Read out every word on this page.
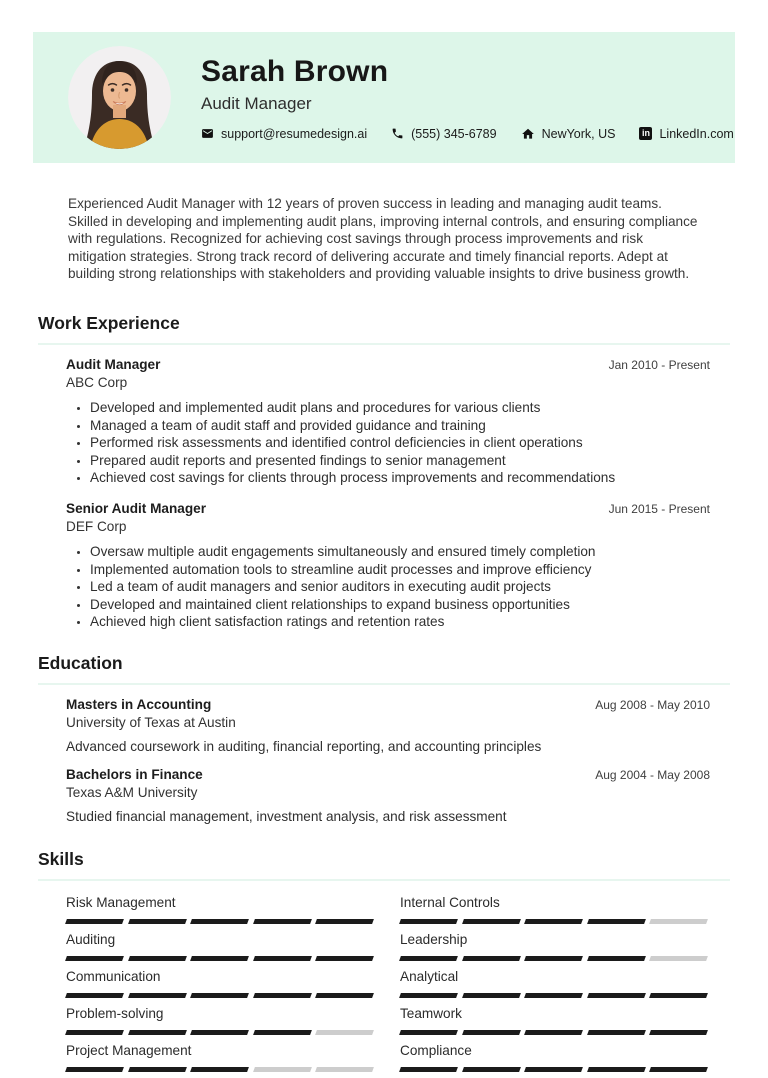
Sarah Brown
Audit Manager
support@resumedesign.ai	(555) 345-6789	NewYork, US	in LinkedIn.com

Experienced Audit Manager with 12 years of proven success in leading and managing audit teams. Skilled in developing and implementing audit plans, improving internal controls, and ensuring compliance with regulations. Recognized for achieving cost savings through process improvements and risk mitigation strategies. Strong track record of delivering accurate and timely financial reports. Adept at building strong relationships with stakeholders and providing valuable insights to drive business growth.

Work Experience
Audit Manager	Jan 2010 - Present
ABC Corp
• Developed and implemented audit plans and procedures for various clients
• Managed a team of audit staff and provided guidance and training
• Performed risk assessments and identified control deficiencies in client operations
• Prepared audit reports and presented findings to senior management
• Achieved cost savings for clients through process improvements and recommendations
Senior Audit Manager	Jun 2015 - Present
DEF Corp
• Oversaw multiple audit engagements simultaneously and ensured timely completion
• Implemented automation tools to streamline audit processes and improve efficiency
• Led a team of audit managers and senior auditors in executing audit projects
• Developed and maintained client relationships to expand business opportunities
• Achieved high client satisfaction ratings and retention rates
Education
Masters in Accounting	Aug 2008 - May 2010
University of Texas at Austin
Advanced coursework in auditing, financial reporting, and accounting principles
Bachelors in Finance	Aug 2004 - May 2008
Texas A&M University
Studied financial management, investment analysis, and risk assessment
Skills
Risk Management	Internal Controls
Auditing	Leadership
Communication	Analytical
Problem-solving	Teamwork
Project Management	Compliance
